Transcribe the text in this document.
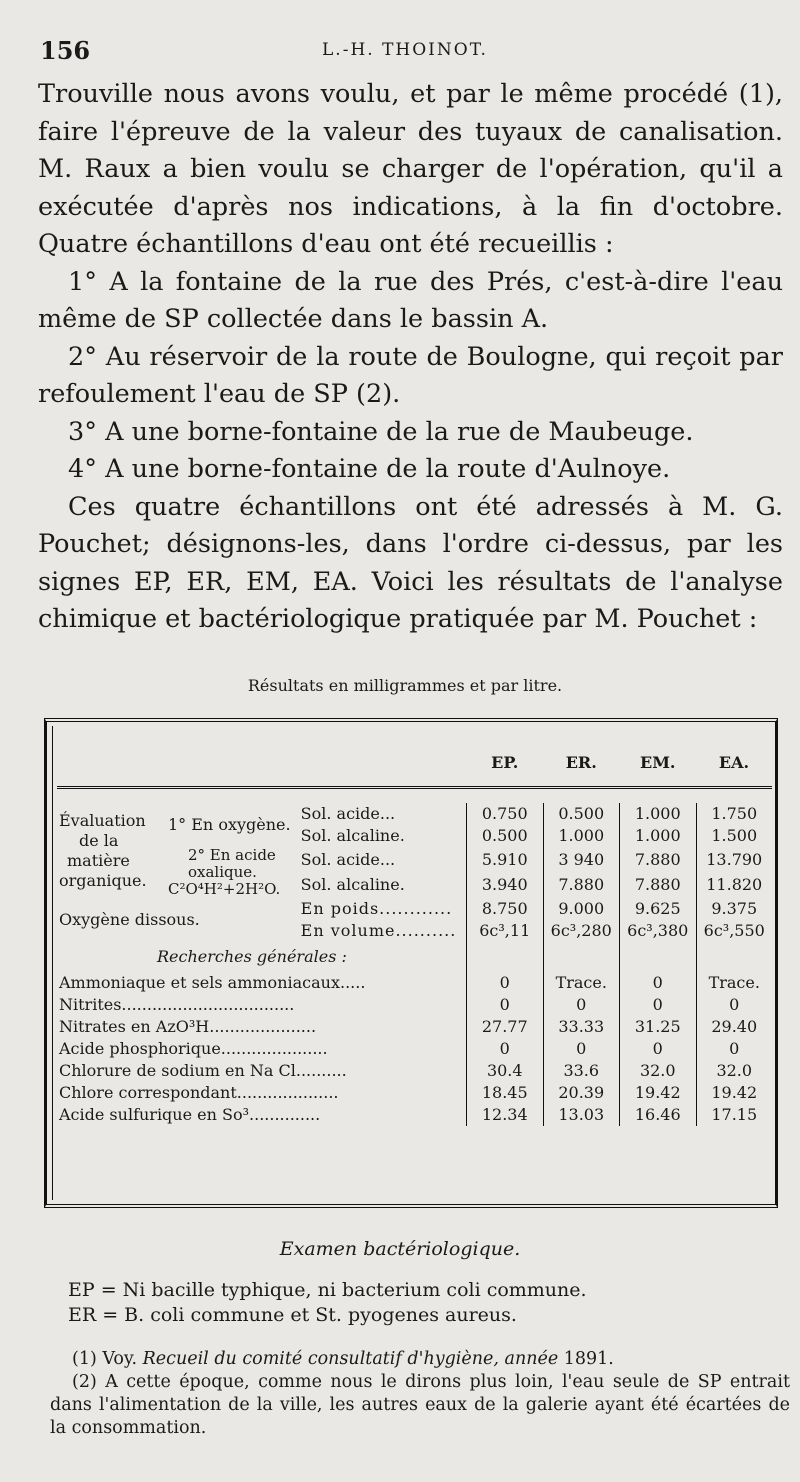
156	L.-H. THOINOT.

Trouville nous avons voulu, et par le même procédé (1), faire l'épreuve de la valeur des tuyaux de canalisation. M. Raux a bien voulu se charger de l'opération, qu'il a exécutée d'après nos indications, à la fin d'octobre. Quatre échantillons d'eau ont été recueillis :

1° A la fontaine de la rue des Prés, c'est-à-dire l'eau même de SP collectée dans le bassin A.

2° Au réservoir de la route de Boulogne, qui reçoit par refoulement l'eau de SP (2).

3° A une borne-fontaine de la rue de Maubeuge.

4° A une borne-fontaine de la route d'Aulnoye.

Ces quatre échantillons ont été adressés à M. G. Pouchet; désignons-les, dans l'ordre ci-dessus, par les signes EP, ER, EM, EA. Voici les résultats de l'analyse chimique et bactériologique pratiquée par M. Pouchet :

Résultats en milligrammes et par litre.
			EP.	ER.	EM.	EA.

Évaluation
de la
matière
organique.	1° En oxygène.	Sol. acide...	0.750	0.500	1.000	1.750
		Sol. alcaline.	0.500	1.000	1.000	1.500

	2° En acide
oxalique.
C²O⁴H²+2H²O.	Sol. acide...	5.910	3 940	7.880	13.790
		Sol. alcaline.	3.940	7.880	7.880	11.820
Oxygène dissous.		En poids............	8.750	9.000	9.625	9.375
		En volume..........	6c³,11	6c³,280	6c³,380	6c³,550
Recherches générales :						
Ammoniaque et sels ammoniacaux.....			0	Trace.	0	Trace.
Nitrites..................................			0	0	0	0
Nitrates en AzO³H.....................			27.77	33.33	31.25	29.40
Acide phosphorique.....................			0	0	0	0
Chlorure de sodium en Na Cl..........			30.4	33.6	32.0	32.0
Chlore correspondant....................			18.45	20.39	19.42	19.42
Acide sulfurique en So³..............			12.34	13.03	16.46	17.15
Examen bactériologique.
EP = Ni bacille typhique, ni bacterium coli commune.
ER = B. coli commune et St. pyogenes aureus.

(1) Voy. Recueil du comité consultatif d'hygiène, année 1891.

(2) A cette époque, comme nous le dirons plus loin, l'eau seule de SP entrait dans l'alimentation de la ville, les autres eaux de la galerie ayant été écartées de la consommation.
